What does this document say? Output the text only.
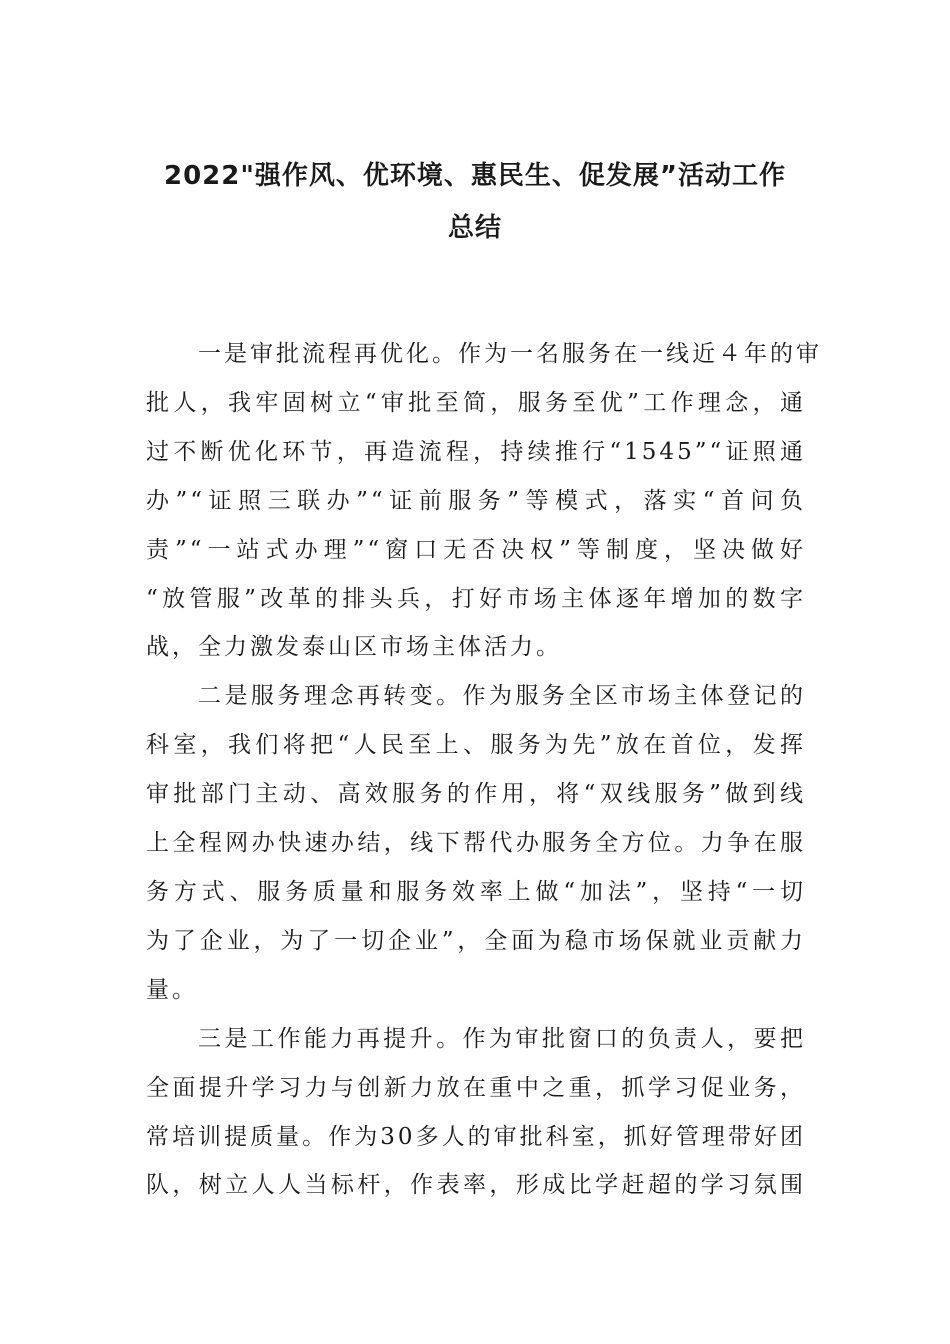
2022"强作风、优环境、惠民生、促发展”活动工作
总结
一是审批流程再优化。作为一名服务在一线近４年的审
批人，我牢固树立“审批至简，服务至优”工作理念，通
过不断优化环节，再造流程，持续推行“1545”“证照通
办”“证照三联办”“证前服务”等模式，落实“首问负
责”“一站式办理”“窗口无否决权”等制度，坚决做好
“放管服”改革的排头兵，打好市场主体逐年增加的数字
战，全力激发泰山区市场主体活力。
二是服务理念再转变。作为服务全区市场主体登记的
科室，我们将把“人民至上、服务为先”放在首位，发挥
审批部门主动、高效服务的作用，将“双线服务”做到线
上全程网办快速办结，线下帮代办服务全方位。力争在服
务方式、服务质量和服务效率上做“加法”，坚持“一切
为了企业，为了一切企业”，全面为稳市场保就业贡献力
量。
三是工作能力再提升。作为审批窗口的负责人，要把
全面提升学习力与创新力放在重中之重，抓学习促业务，
常培训提质量。作为30多人的审批科室，抓好管理带好团
队，树立人人当标杆，作表率，形成比学赶超的学习氛围
